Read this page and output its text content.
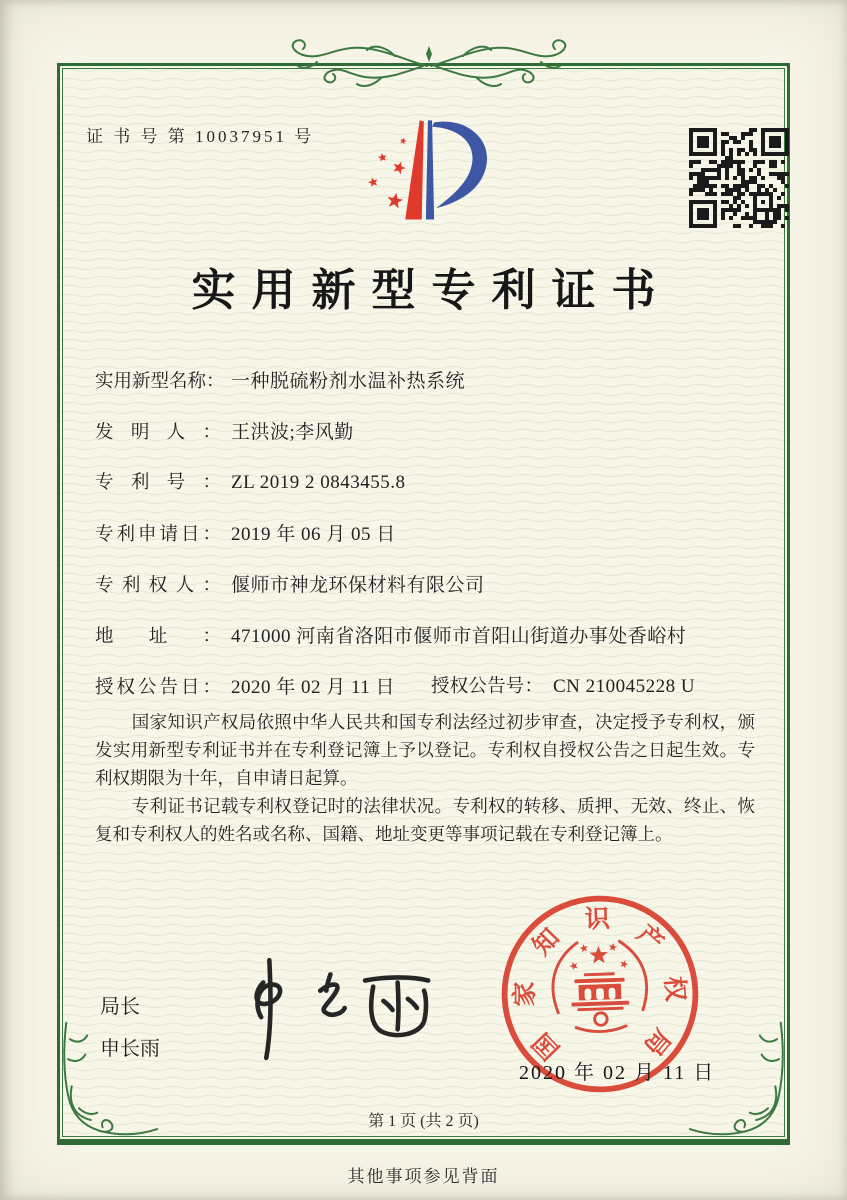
证 书 号 第 10037951 号
实用新型专利证书
实用新型名称： 一种脱硫粉剂水温补热系统
发明人： 王洪波;李风勤
专利号： ZL 2019 2 0843455.8
专利申请日： 2019 年 06 月 05 日
专利权人： 偃师市神龙环保材料有限公司
地址： 471000 河南省洛阳市偃师市首阳山街道办事处香峪村
授权公告日： 2020 年 02 月 11 日 授权公告号： CN 210045228 U

国家知识产权局依照中华人民共和国专利法经过初步审查，决定授予专利权，颁发实用新型专利证书并在专利登记簿上予以登记。专利权自授权公告之日起生效。专利权期限为十年，自申请日起算。

专利证书记载专利权登记时的法律状况。专利权的转移、质押、无效、终止、恢复和专利权人的姓名或名称、国籍、地址变更等事项记载在专利登记簿上。

局长
申长雨	国
家
知
识
产
权
局
2020 年 02 月 11 日
第 1 页 (共 2 页)
其他事项参见背面
